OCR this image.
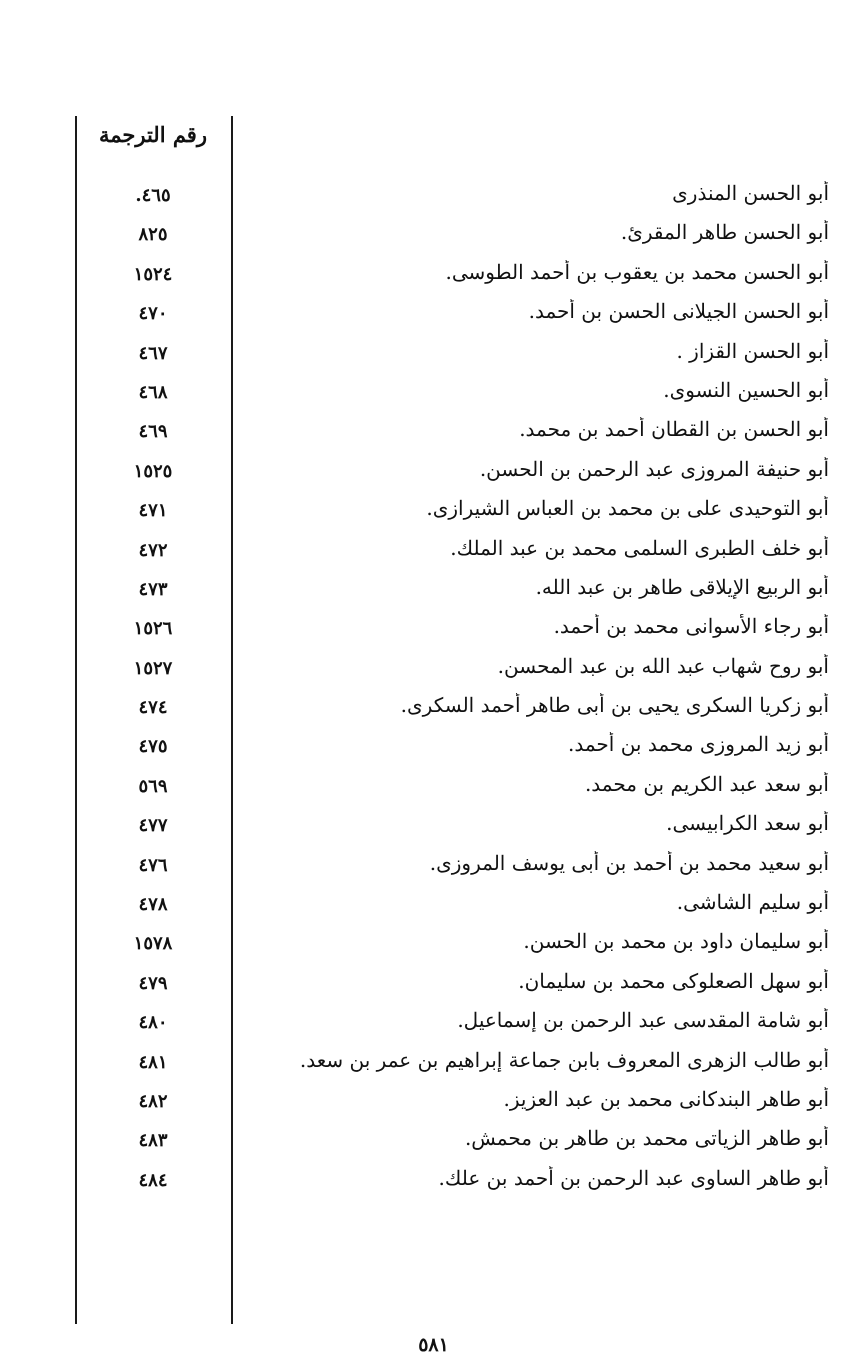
رقم الترجمة
أبو الحسن المنذرى
٤٦٥.
أبو الحسن طاهر المقرئ.
٨٢٥
أبو الحسن محمد بن يعقوب بن أحمد الطوسى.
١٥٢٤
أبو الحسن الجيلانى الحسن بن أحمد.
٤٧٠
أبو الحسن القزاز .
٤٦٧
أبو الحسين النسوى.
٤٦٨
أبو الحسن بن القطان أحمد بن محمد.
٤٦٩
أبو حنيفة المروزى عبد الرحمن بن الحسن.
١٥٢٥
أبو التوحيدى على بن محمد بن العباس الشيرازى.
٤٧١
أبو خلف الطبرى السلمى محمد بن عبد الملك.
٤٧٢
أبو الربيع الإيلاقى طاهر بن عبد الله.
٤٧٣
أبو رجاء الأسوانى محمد بن أحمد.
١٥٢٦
أبو روح شهاب عبد الله بن عبد المحسن.
١٥٢٧
أبو زكريا السكرى يحيى بن أبى طاهر أحمد السكرى.
٤٧٤
أبو زيد المروزى محمد بن أحمد.
٤٧٥
أبو سعد عبد الكريم بن محمد.
٥٦٩
أبو سعد الكرابيسى.
٤٧٧
أبو سعيد محمد بن أحمد بن أبى يوسف المروزى.
٤٧٦
أبو سليم الشاشى.
٤٧٨
أبو سليمان داود بن محمد بن الحسن.
١٥٧٨
أبو سهل الصعلوكى محمد بن سليمان.
٤٧٩
أبو شامة المقدسى عبد الرحمن بن إسماعيل.
٤٨٠
أبو طالب الزهرى المعروف بابن جماعة إبراهيم بن عمر بن سعد.
٤٨١
أبو طاهر البندكانى محمد بن عبد العزيز.
٤٨٢
أبو طاهر الزياتى محمد بن طاهر بن محمش.
٤٨٣
أبو طاهر الساوى عبد الرحمن بن أحمد بن علك.
٤٨٤
٥٨١
